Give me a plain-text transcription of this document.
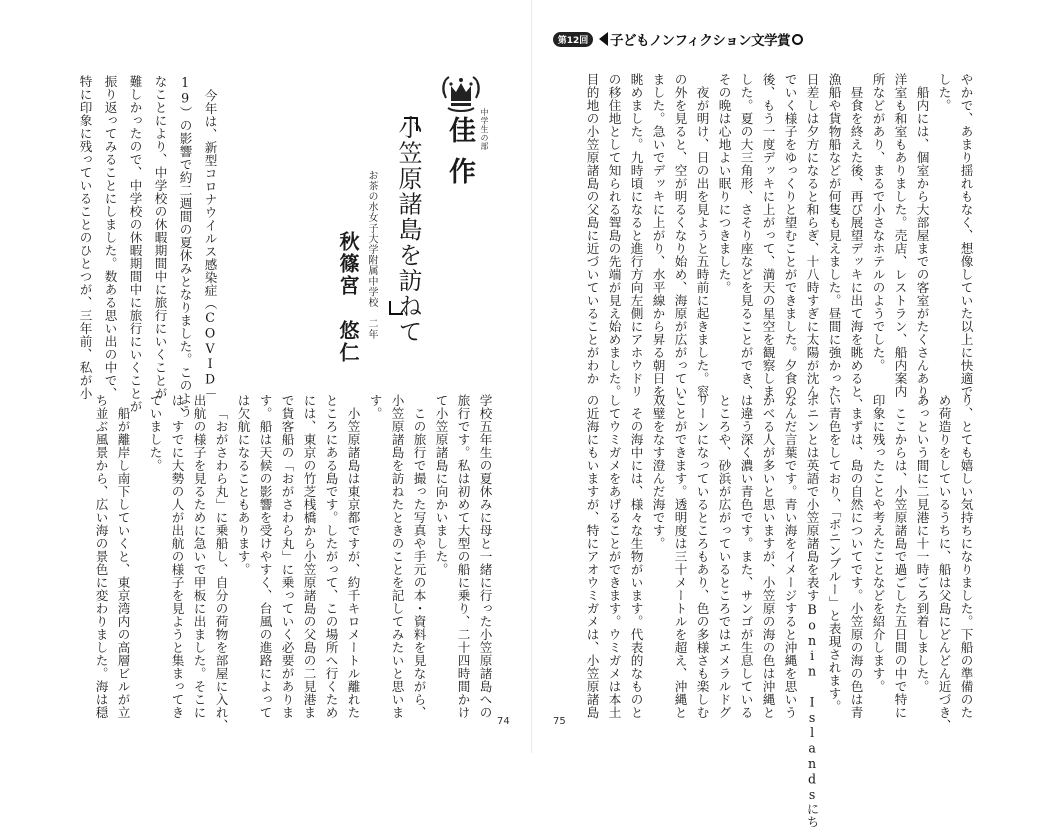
第12回	子どもノンフィクション文学賞
中学生の部
佳作
小笠原諸島を訪ねて
お茶の水女子大学附属中学校　二年
秋篠宮
悠仁
今年は、新型コロナウイルス感染症（COVID－
19）の影響で約二週間の夏休みとなりました。このよう
なことにより、中学校の休暇期間中に旅行にいくことが
難しかったので、中学校の休暇期間中に旅行にいくことが
振り返ってみることにしました。数ある思い出の中で、
特に印象に残っていることのひとつが、三年前、私が小
学校五年生の夏休みに母と一緒に行った小笠原諸島への
旅行です。私は初めて大型の船に乗り、二十四時間かけ
て小笠原諸島に向かいました。
この旅行で撮った写真や手元の本・資料を見ながら、
小笠原諸島を訪ねたときのことを記してみたいと思いま
す。
小笠原諸島は東京都ですが、約千キロメートル離れた
ところにある島です。したがって、この場所へ行くため
には、東京の竹芝桟橋から小笠原諸島の父島の二見港ま
で貨客船の「おがさわら丸」に乗っていく必要がありま
す。船は天候の影響を受けやすく、台風の進路によって
は欠航になることもあります。
「おがさわら丸」に乗船し、自分の荷物を部屋に入れ、
出航の様子を見るために急いで甲板に出ました。そこに
は、すでに大勢の人が出航の様子を見ようと集まってき
ていました。
船が離岸し南下していくと、東京湾内の高層ビルが立
ち並ぶ風景から、広い海の景色に変わりました。海は穏
やかで、あまり揺れもなく、想像していた以上に快適で
した。
船内には、個室から大部屋までの客室がたくさんあり、
洋室も和室もありました。売店、レストラン、船内案内
所などがあり、まるで小さなホテルのようでした。
昼食を終えた後、再び展望デッキに出て海を眺めると、
漁船や貨物船などが何隻も見えました。昼間に強かった
日差しは夕方になると和らぎ、十八時すぎに太陽が沈ん
でいく様子をゆっくりと望むことができました。夕食の
後、もう一度デッキに上がって、満天の星空を観察しま
した。夏の大三角形、さそり座などを見ることができ、
その晩は心地よい眠りにつきました。
夜が明け、日の出を見ようと五時前に起きました。窓
の外を見ると、空が明るくなり始め、海原が広がってい
ました。急いでデッキに上がり、水平線から昇る朝日を
眺めました。九時頃になると進行方向左側にアホウドリ
の移住地として知られる聟島の先端が見え始めました。
目的地の小笠原諸島の父島に近づいていることがわか
り、とても嬉しい気持ちになりました。下船の準備のた
め荷造りをしているうちに、船は父島にどんどん近づき、
あっという間に二見港に十一時ごろ到着しました。
ここからは、小笠原諸島で過ごした五日間の中で特に
印象に残ったことや考えたことなどを紹介します。
まずは、島の自然についてです。小笠原の海の色は青
い青色をしており、「ボニンブルー」と表現されます。
ボニンとは英語で小笠原諸島を表すBonin Islandsにち
なんだ言葉です。青い海をイメージすると沖縄を思いう
かべる人が多いと思いますが、小笠原の海の色は沖縄と
は違う深く濃い青色です。また、サンゴが生息している
ところや、砂浜が広がっているところではエメラルドグ
リーンになっているところもあり、色の多様さも楽しむ
ことができます。透明度は三十メートルを超え、沖縄と
双璧をなす澄んだ海です。
その海中には、様々な生物がいます。代表的なものと
してウミガメをあげることができます。ウミガメは本土
の近海にもいますが、特にアオウミガメは、小笠原諸島
74	75
